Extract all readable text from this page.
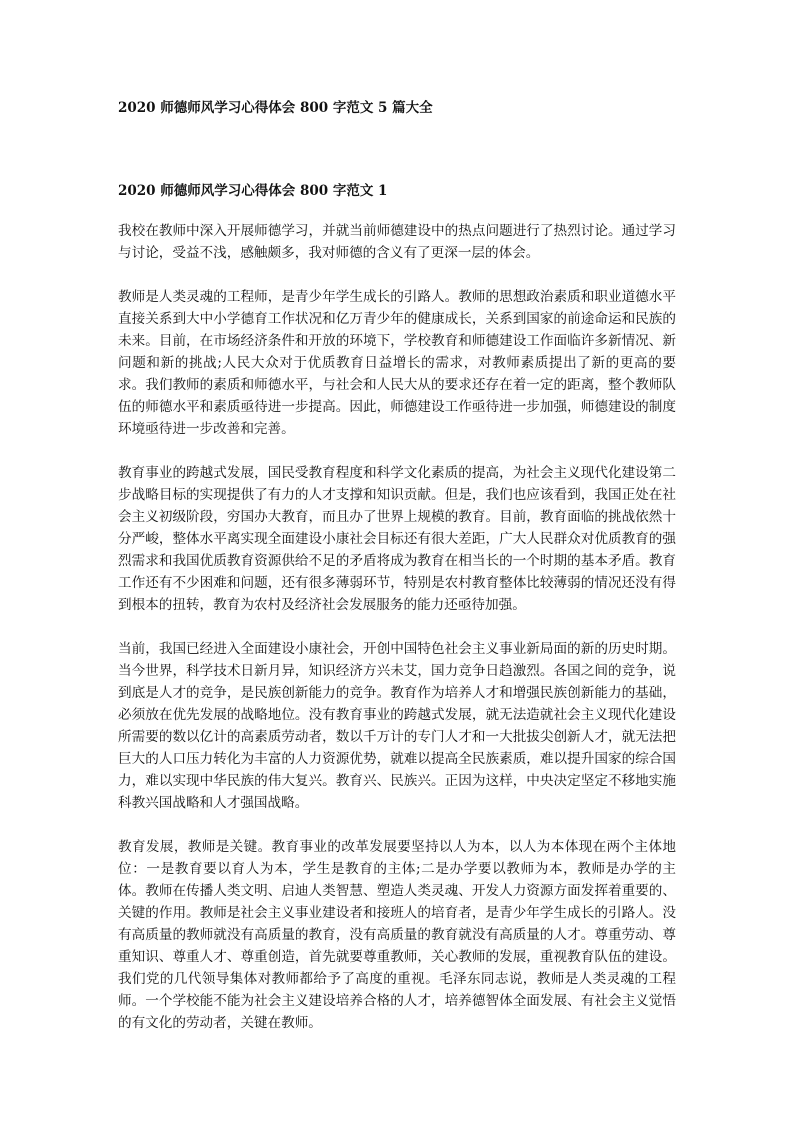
2020 师德师风学习心得体会 800 字范文 5 篇大全
2020 师德师风学习心得体会 800 字范文 1

我校在教师中深入开展师德学习，并就当前师德建设中的热点问题进行了热烈讨论。通过学习与讨论，受益不浅，感触颇多，我对师德的含义有了更深一层的体会。

教师是人类灵魂的工程师，是青少年学生成长的引路人。教师的思想政治素质和职业道德水平直接关系到大中小学德育工作状况和亿万青少年的健康成长，关系到国家的前途命运和民族的未来。目前，在市场经济条件和开放的环境下，学校教育和师德建设工作面临许多新情况、新问题和新的挑战;人民大众对于优质教育日益增长的需求，对教师素质提出了新的更高的要求。我们教师的素质和师德水平，与社会和人民大从的要求还存在着一定的距离，整个教师队伍的师德水平和素质亟待进一步提高。因此，师德建设工作亟待进一步加强，师德建设的制度环境亟待进一步改善和完善。

教育事业的跨越式发展，国民受教育程度和科学文化素质的提高，为社会主义现代化建设第二步战略目标的实现提供了有力的人才支撑和知识贡献。但是，我们也应该看到，我国正处在社会主义初级阶段，穷国办大教育，而且办了世界上规模的教育。目前，教育面临的挑战依然十分严峻，整体水平离实现全面建设小康社会目标还有很大差距，广大人民群众对优质教育的强烈需求和我国优质教育资源供给不足的矛盾将成为教育在相当长的一个时期的基本矛盾。教育工作还有不少困难和问题，还有很多薄弱环节，特别是农村教育整体比较薄弱的情况还没有得到根本的扭转，教育为农村及经济社会发展服务的能力还亟待加强。

当前，我国已经进入全面建设小康社会，开创中国特色社会主义事业新局面的新的历史时期。当今世界，科学技术日新月异，知识经济方兴未艾，国力竞争日趋激烈。各国之间的竞争，说到底是人才的竞争，是民族创新能力的竞争。教育作为培养人才和增强民族创新能力的基础，必须放在优先发展的战略地位。没有教育事业的跨越式发展，就无法造就社会主义现代化建设所需要的数以亿计的高素质劳动者，数以千万计的专门人才和一大批拔尖创新人才，就无法把巨大的人口压力转化为丰富的人力资源优势，就难以提高全民族素质，难以提升国家的综合国力，难以实现中华民族的伟大复兴。教育兴、民族兴。正因为这样，中央决定坚定不移地实施科教兴国战略和人才强国战略。

教育发展，教师是关键。教育事业的改革发展要坚持以人为本，以人为本体现在两个主体地位：一是教育要以育人为本，学生是教育的主体;二是办学要以教师为本，教师是办学的主体。教师在传播人类文明、启迪人类智慧、塑造人类灵魂、开发人力资源方面发挥着重要的、关键的作用。教师是社会主义事业建设者和接班人的培育者，是青少年学生成长的引路人。没有高质量的教师就没有高质量的教育，没有高质量的教育就没有高质量的人才。尊重劳动、尊重知识、尊重人才、尊重创造，首先就要尊重教师，关心教师的发展，重视教育队伍的建设。我们党的几代领导集体对教师都给予了高度的重视。毛泽东同志说，教师是人类灵魂的工程师。一个学校能不能为社会主义建设培养合格的人才，培养德智体全面发展、有社会主义觉悟的有文化的劳动者，关键在教师。
